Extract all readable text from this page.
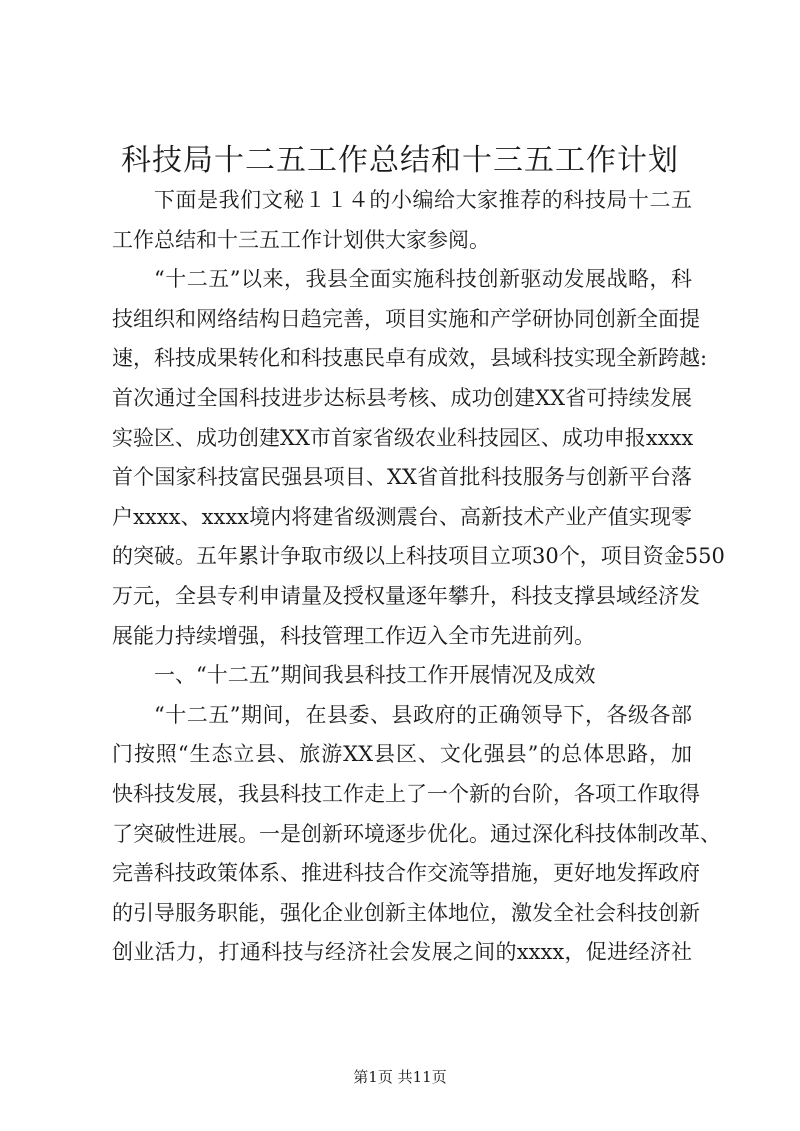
科技局十二五工作总结和十三五工作计划
下面是我们文秘１１４的小编给大家推荐的科技局十二五
工作总结和十三五工作计划供大家参阅。
“十二五”以来，我县全面实施科技创新驱动发展战略，科
技组织和网络结构日趋完善，项目实施和产学研协同创新全面提
速，科技成果转化和科技惠民卓有成效，县域科技实现全新跨越:
首次通过全国科技进步达标县考核、成功创建XX省可持续发展
实验区、成功创建XX市首家省级农业科技园区、成功申报xxxx
首个国家科技富民强县项目、XX省首批科技服务与创新平台落
户xxxx、xxxx境内将建省级测震台、高新技术产业产值实现零
的突破。五年累计争取市级以上科技项目立项30个，项目资金550
万元，全县专利申请量及授权量逐年攀升，科技支撑县域经济发
展能力持续增强，科技管理工作迈入全市先进前列。
一、“十二五”期间我县科技工作开展情况及成效
“十二五”期间，在县委、县政府的正确领导下，各级各部
门按照“生态立县、旅游XX县区、文化强县”的总体思路，加
快科技发展，我县科技工作走上了一个新的台阶，各项工作取得
了突破性进展。一是创新环境逐步优化。通过深化科技体制改革、
完善科技政策体系、推进科技合作交流等措施，更好地发挥政府
的引导服务职能，强化企业创新主体地位，激发全社会科技创新
创业活力，打通科技与经济社会发展之间的xxxx，促进经济社
第1页 共11页
